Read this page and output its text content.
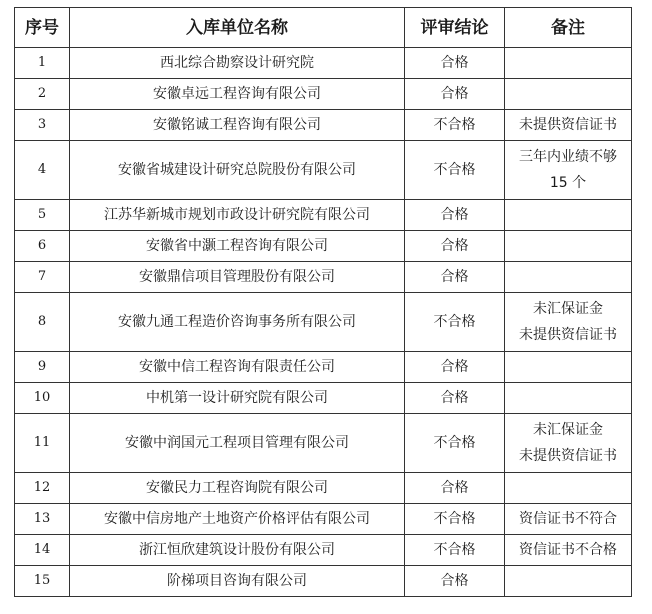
序号	入库单位名称	评审结论	备注
1	西北综合勘察设计研究院	合格	

2	安徽卓远工程咨询有限公司	合格	

3	安徽铭诚工程咨询有限公司	不合格	未提供资信证书

4	安徽省城建设计研究总院股份有限公司	不合格	三年内业绩不够
15 个

5	江苏华新城市规划市政设计研究院有限公司	合格	

6	安徽省中灏工程咨询有限公司	合格	

7	安徽鼎信项目管理股份有限公司	合格	

8	安徽九通工程造价咨询事务所有限公司	不合格	未汇保证金
未提供资信证书

9	安徽中信工程咨询有限责任公司	合格	

10	中机第一设计研究院有限公司	合格	

11	安徽中润国元工程项目管理有限公司	不合格	未汇保证金
未提供资信证书

12	安徽民力工程咨询院有限公司	合格	

13	安徽中信房地产土地资产价格评估有限公司	不合格	资信证书不符合

14	浙江恒欣建筑设计股份有限公司	不合格	资信证书不合格

15	阶梯项目咨询有限公司	合格	
